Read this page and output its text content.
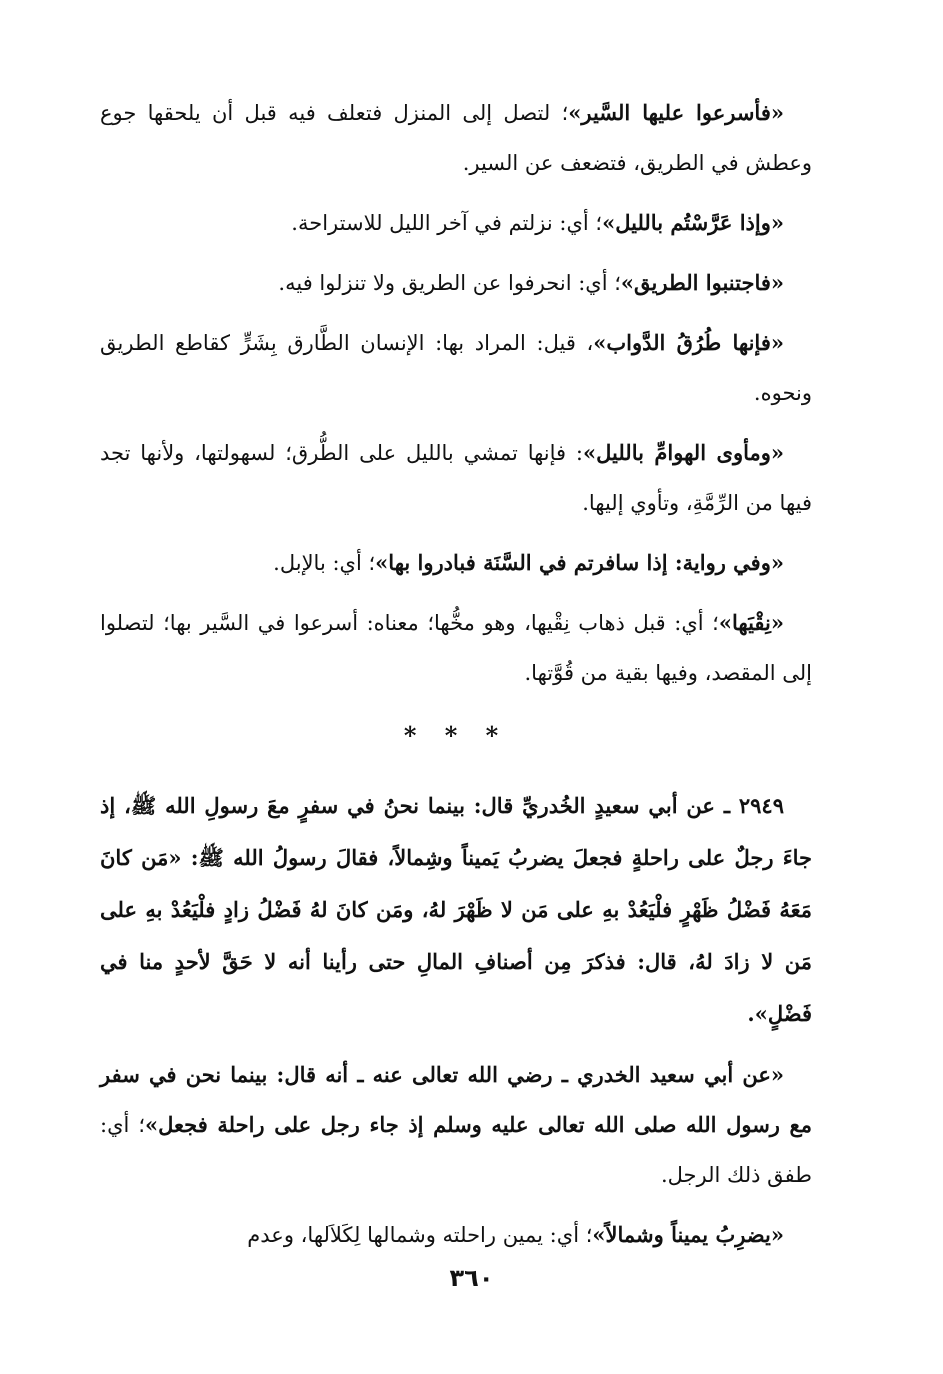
«فأسرعوا عليها السَّير»؛ لتصل إلى المنزل فتعلف فيه قبل أن يلحقها جوع وعطش في الطريق، فتضعف عن السير.

«وإذا عَرَّسْتُم بالليل»؛ أي: نزلتم في آخر الليل للاستراحة.

«فاجتنبوا الطريق»؛ أي: انحرفوا عن الطريق ولا تنزلوا فيه.

«فإنها طُرُقُ الدَّواب»، قيل: المراد بها: الإنسان الطَّارق بِشَرٍّ كقاطع الطريق ونحوه.

«ومأوى الهوامِّ بالليل»: فإنها تمشي بالليل على الطُّرق؛ لسهولتها، ولأنها تجد فيها من الرِّمَّةِ، وتأوي إليها.

«وفي رواية: إذا سافرتم في السَّنَة فبادروا بها»؛ أي: بالإبل.

«نِقْيَها»؛ أي: قبل ذهاب نِقْيها، وهو مخُّها؛ معناه: أسرعوا في السَّير بها؛ لتصلوا إلى المقصد، وفيها بقية من قُوَّتها.

* * *

٢٩٤٩ ـ عن أبي سعيدٍ الخُدريِّ قال: بينما نحنُ في سفرٍ معَ رسولِ الله ﷺ، إذ جاءَ رجلٌ على راحلةٍ فجعلَ يضربُ يَميناً وشِمالاً، فقالَ رسولُ الله ﷺ: «مَن كانَ مَعَهُ فَضْلُ ظَهْرٍ فلْيَعُدْ بهِ على مَن لا ظَهْرَ لهُ، ومَن كانَ لهُ فَضْلُ زادٍ فلْيَعُدْ بهِ على مَن لا زادَ لهُ، قال: فذكرَ مِن أصنافِ المالِ حتى رأينا أنه لا حَقَّ لأحدٍ منا في فَضْلٍ».

«عن أبي سعيد الخدري ـ رضي الله تعالى عنه ـ أنه قال: بينما نحن في سفر مع رسول الله صلى الله تعالى عليه وسلم إذ جاء رجل على راحلة فجعل»؛ أي: طفق ذلك الرجل.

«يضرِبُ يميناً وشمالاً»؛ أي: يمين راحلته وشمالها لِكَلاَلها، وعدم

٣٦٠
